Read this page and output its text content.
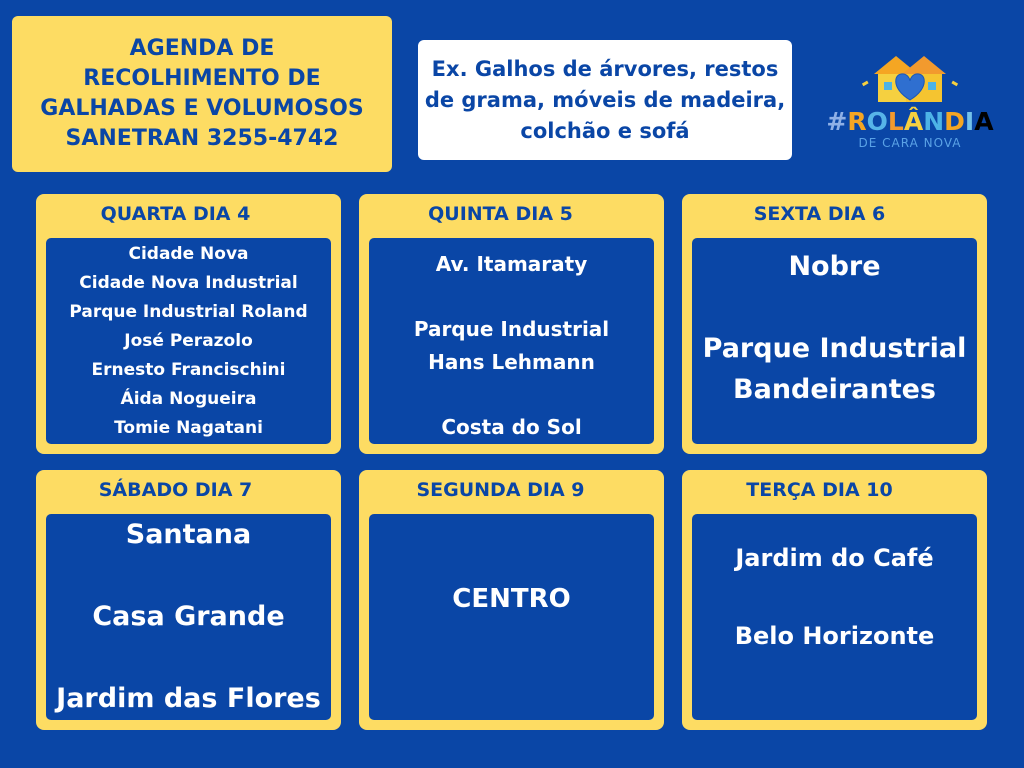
AGENDA DE
RECOLHIMENTO DE
GALHADAS E VOLUMOSOS
SANETRAN 3255-4742
Ex. Galhos de árvores, restos de grama, móveis de madeira, colchão e sofá	#ROLÂNDIA
DE CARA NOVA
QUARTA DIA 4
Cidade Nova
Cidade Nova Industrial
Parque Industrial Roland
José Perazolo
Ernesto Francischini
Áida Nogueira
Tomie Nagatani
QUINTA DIA 5
Av. Itamaraty
Parque Industrial
Hans Lehmann
Costa do Sol
SEXTA DIA 6
Nobre
Parque Industrial
Bandeirantes
SÁBADO DIA 7
Santana
Casa Grande
Jardim das Flores
SEGUNDA DIA 9
CENTRO
TERÇA DIA 10
Jardim do Café
Belo Horizonte
